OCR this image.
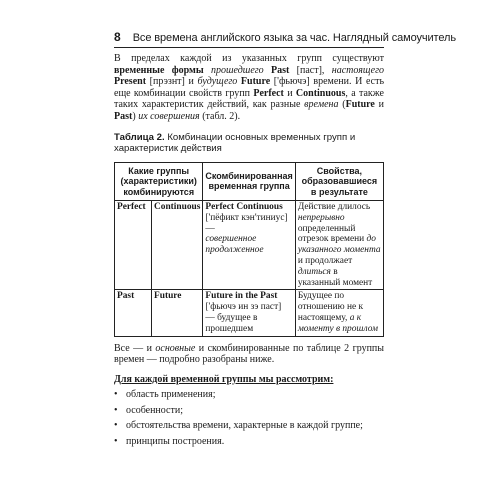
8 Все времена английского языка за час. Наглядный самоучитель

В пределах каждой из указанных групп существуют временные формы прошедшего Past [паст], настоящего Present [прэзнт] и будущего Future ['фьючэ] времени. И есть еще комбинации свойств групп Perfect и Continuous, а также таких характеристик действий, как разные времена (Future и Past) их совершения (табл. 2).

Таблица 2. Комбинации основных временных групп и характеристик действия
Какие группы (характеристики) комбинируются		Скомбинированная временная группа	Свойства, образовавшиеся в результате
Perfect	Continuous	Perfect Continuous
['пёфикт кэн'тиниус] —
совершенное продолженное	Действие длилось непрерывно определенный отрезок времени до указанного момента и продолжает длиться в указанный момент
Past	Future	Future in the Past
['фьючэ ин зэ паст] — будущее в прошедшем	Будущее по отношению не к настоящему, а к моменту в прошлом

Все — и основные и скомбинированные по таблице 2 группы времен — подробно разобраны ниже.

Для каждой временной группы мы рассмотрим:

• область применения;
• особенности;
• обстоятельства времени, характерные в каждой группе;
• принципы построения.
